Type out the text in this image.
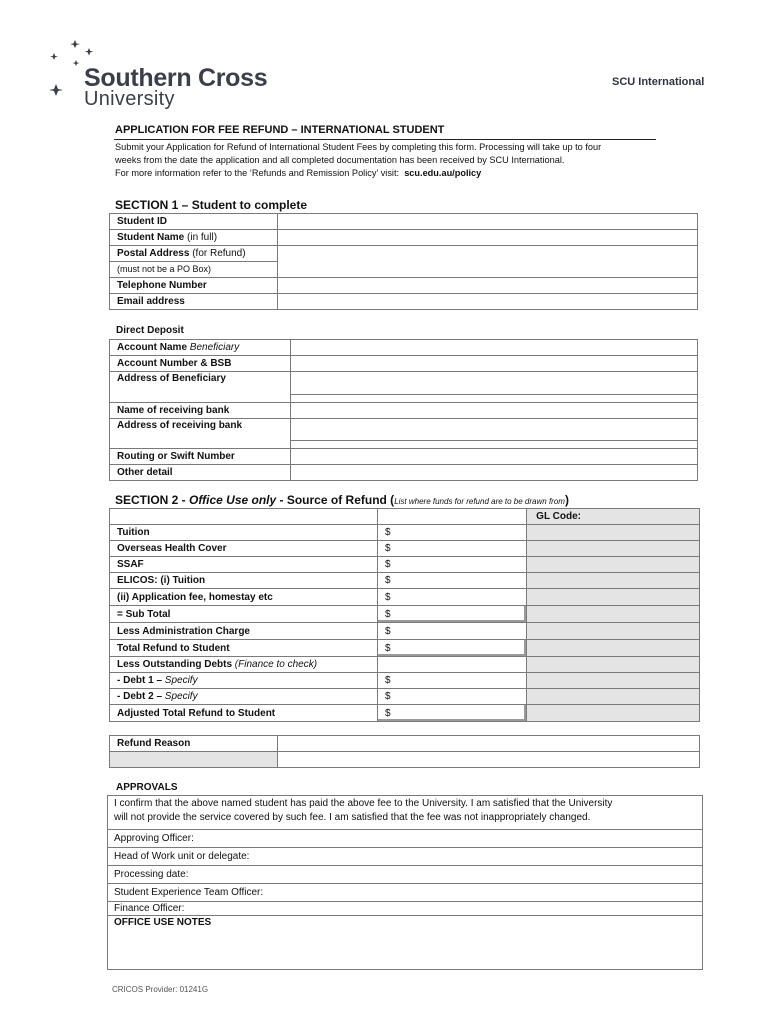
Southern Cross
University
SCU International
APPLICATION FOR FEE REFUND – INTERNATIONAL STUDENT
Submit your Application for Refund of International Student Fees by completing this form. Processing will take up to four
weeks from the date the application and all completed documentation has been received by SCU International.
For more information refer to the ‘Refunds and Remission Policy’ visit: scu.edu.au/policy
SECTION 1 – Student to complete
Student ID	
Student Name (in full)	
Postal Address (for Refund)	
(must not be a PO Box)	
Telephone Number	
Email address	
Direct Deposit
Account Name Beneficiary	
Account Number & BSB	
Address of Beneficiary	

Name of receiving bank	
Address of receiving bank	

Routing or Swift Number	
Other detail	
SECTION 2 - Office Use only - Source of Refund (List where funds for refund are to be drawn from)
		GL Code:
Tuition	$	
Overseas Health Cover	$	
SSAF	$	
ELICOS: (i) Tuition	$	
(ii) Application fee, homestay etc	$	
= Sub Total	$	
Less Administration Charge	$	
Total Refund to Student	$	
Less Outstanding Debts (Finance to check)		
- Debt 1 – Specify	$	
- Debt 2 – Specify	$	
Adjusted Total Refund to Student	$	
Refund Reason	

APPROVALS
I confirm that the above named student has paid the above fee to the University. I am satisfied that the University
will not provide the service covered by such fee. I am satisfied that the fee was not inappropriately changed.
Approving Officer:
Head of Work unit or delegate:
Processing date:
Student Experience Team Officer:
Finance Officer:
OFFICE USE NOTES
CRICOS Provider: 01241G
